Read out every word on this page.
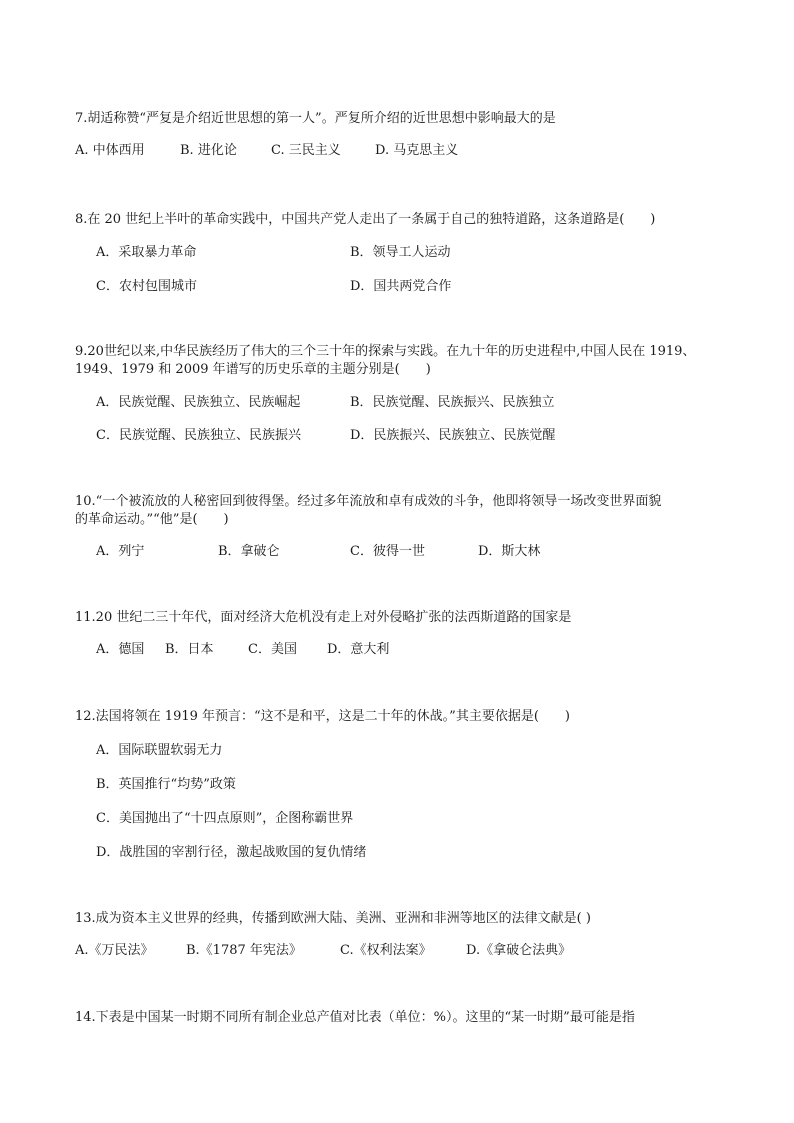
7.胡适称赞“严复是介绍近世思想的第一人”。严复所介绍的近世思想中影响最大的是
A. 中体西用	B. 进化论	C. 三民主义	D. 马克思主义
8.在 20 世纪上半叶的革命实践中，中国共产党人走出了一条属于自己的独特道路，这条道路是(　　)
A．采取暴力革命	B．领导工人运动
C．农村包围城市	D．国共两党合作
9.20世纪以来,中华民族经历了伟大的三个三十年的探索与实践。在九十年的历史进程中,中国人民在 1919、
1949、1979 和 2009 年谱写的历史乐章的主题分别是(　　)
A．民族觉醒、民族独立、民族崛起	B．民族觉醒、民族振兴、民族独立
C．民族觉醒、民族独立、民族振兴	D．民族振兴、民族独立、民族觉醒
10.“一个被流放的人秘密回到彼得堡。经过多年流放和卓有成效的斗争，他即将领导一场改变世界面貌
的革命运动。”“他”是(　　)
A．列宁	B．拿破仑	C．彼得一世	D．斯大林
11.20 世纪二三十年代，面对经济大危机没有走上对外侵略扩张的法西斯道路的国家是
A．德国 B．日本	C．美国 D．意大利
12.法国将领在 1919 年预言：“这不是和平，这是二十年的休战。”其主要依据是(　　)
A．国际联盟软弱无力
B．英国推行“均势”政策
C．美国抛出了“十四点原则”，企图称霸世界
D．战胜国的宰割行径，激起战败国的复仇情绪
13.成为资本主义世界的经典，传播到欧洲大陆、美洲、亚洲和非洲等地区的法律文献是( )
A.《万民法》 B.《1787 年宪法》	C.《权利法案》	D.《拿破仑法典》
14.下表是中国某一时期不同所有制企业总产值对比表（单位：%）。这里的“某一时期”最可能是指
